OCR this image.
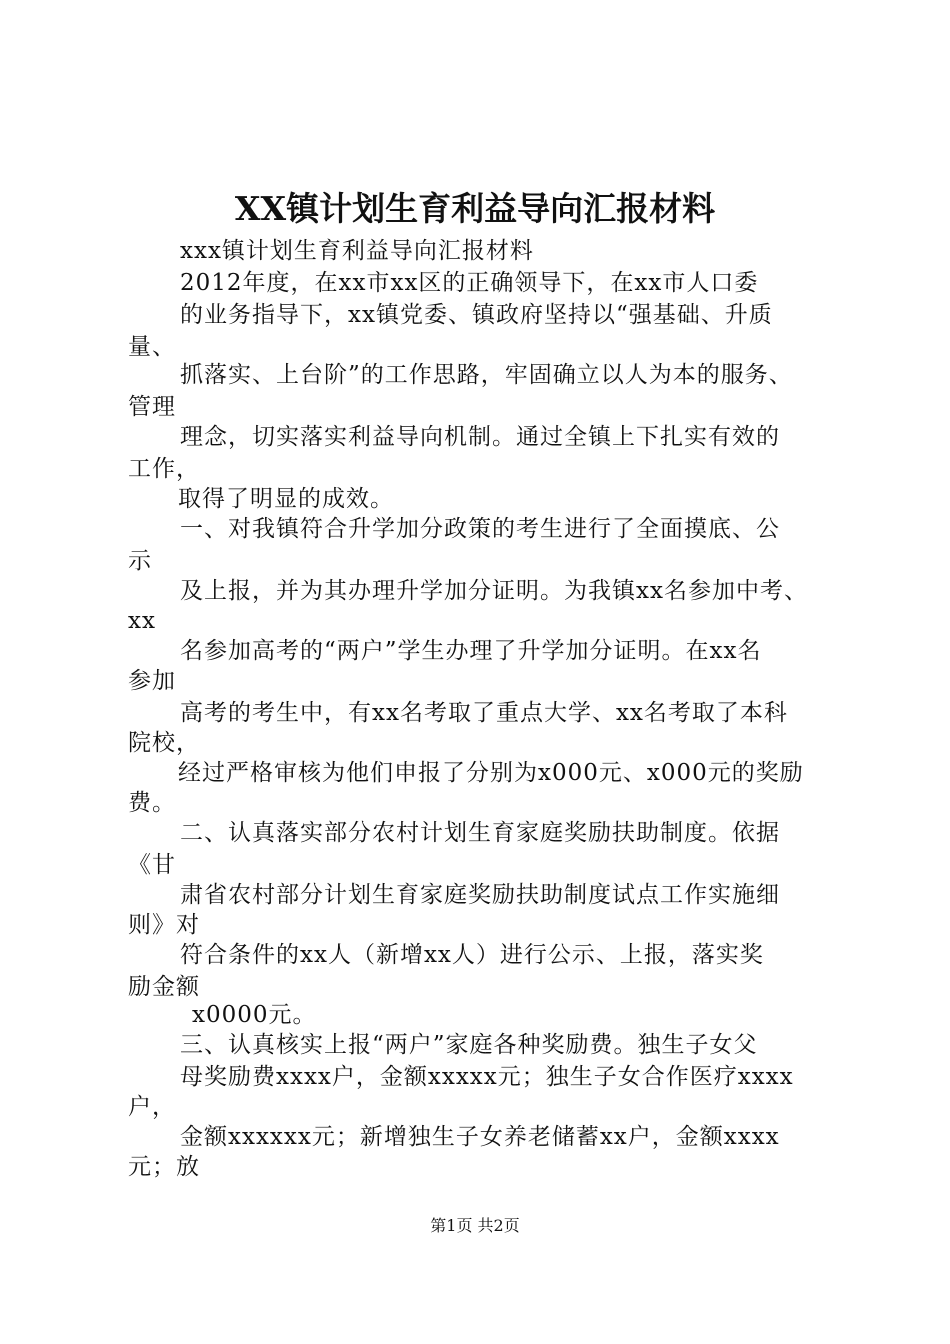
XX镇计划生育利益导向汇报材料
xxx镇计划生育利益导向汇报材料
2012年度，在xx市xx区的正确领导下，在xx市人口委
的业务指导下，xx镇党委、镇政府坚持以“强基础、升质
量、
抓落实、上台阶”的工作思路，牢固确立以人为本的服务、
管理
理念，切实落实利益导向机制。通过全镇上下扎实有效的
工作，
取得了明显的成效。
一、对我镇符合升学加分政策的考生进行了全面摸底、公
示
及上报，并为其办理升学加分证明。为我镇xx名参加中考、
xx
名参加高考的“两户”学生办理了升学加分证明。在xx名
参加
高考的考生中，有xx名考取了重点大学、xx名考取了本科
院校，
经过严格审核为他们申报了分别为x000元、x000元的奖励
费。
二、认真落实部分农村计划生育家庭奖励扶助制度。依据
《甘
肃省农村部分计划生育家庭奖励扶助制度试点工作实施细
则》对
符合条件的xx人（新增xx人）进行公示、上报，落实奖
励金额
x0000元。
三、认真核实上报“两户”家庭各种奖励费。独生子女父
母奖励费xxxx户，金额xxxxx元；独生子女合作医疗xxxx
户，
金额xxxxxx元；新增独生子女养老储蓄xx户，金额xxxx
元；放
第1页 共2页
